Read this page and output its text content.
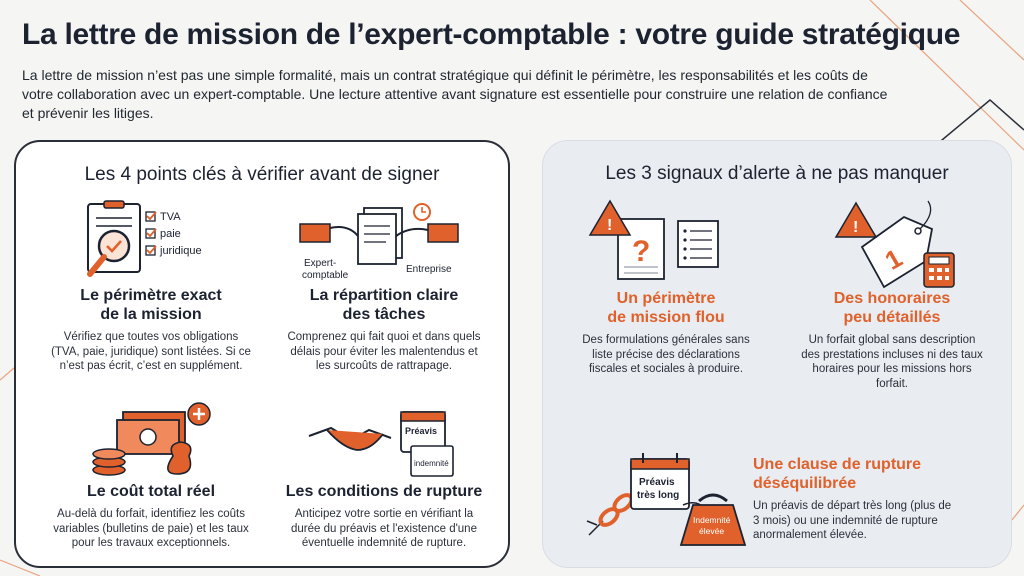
La lettre de mission de l’expert-comptable : votre guide stratégique

La lettre de mission n’est pas une simple formalité, mais un contrat stratégique qui définit le périmètre, les responsabilités et les coûts de votre collaboration avec un expert-comptable. Une lecture attentive avant signature est essentielle pour construire une relation de confiance et prévenir les litiges.

Les 4 points clés à vérifier avant de signer
TVA
paie
juridique
Le périmètre exact
de la mission
Vérifiez que toutes vos obligations
(TVA, paie, juridique) sont listées. Si ce
n’est pas écrit, c’est en supplément.
Expert-
comptable
Entreprise
La répartition claire
des tâches
Comprenez qui fait quoi et dans quels
délais pour éviter les malentendus et
les surcoûts de rattrapage.
Le coût total réel
Au-delà du forfait, identifiez les coûts
variables (bulletins de paie) et les taux
pour les travaux exceptionnels.
Préavis
indemnité
Les conditions de rupture
Anticipez votre sortie en vérifiant la
durée du préavis et l'existence d'une
éventuelle indemnité de rupture.
Les 3 signaux d’alerte à ne pas manquer
?
!
Un périmètre
de mission flou
Des formulations générales sans
liste précise des déclarations
fiscales et sociales à produire.
1
!
Des honoraires
peu détaillés
Un forfait global sans description
des prestations incluses ni des taux
horaires pour les missions hors
forfait.
Préavis
très long
Indemnité
élevée
Une clause de rupture
déséquilibrée
Un préavis de départ très long (plus de
3 mois) ou une indemnité de rupture
anormalement élevée.
